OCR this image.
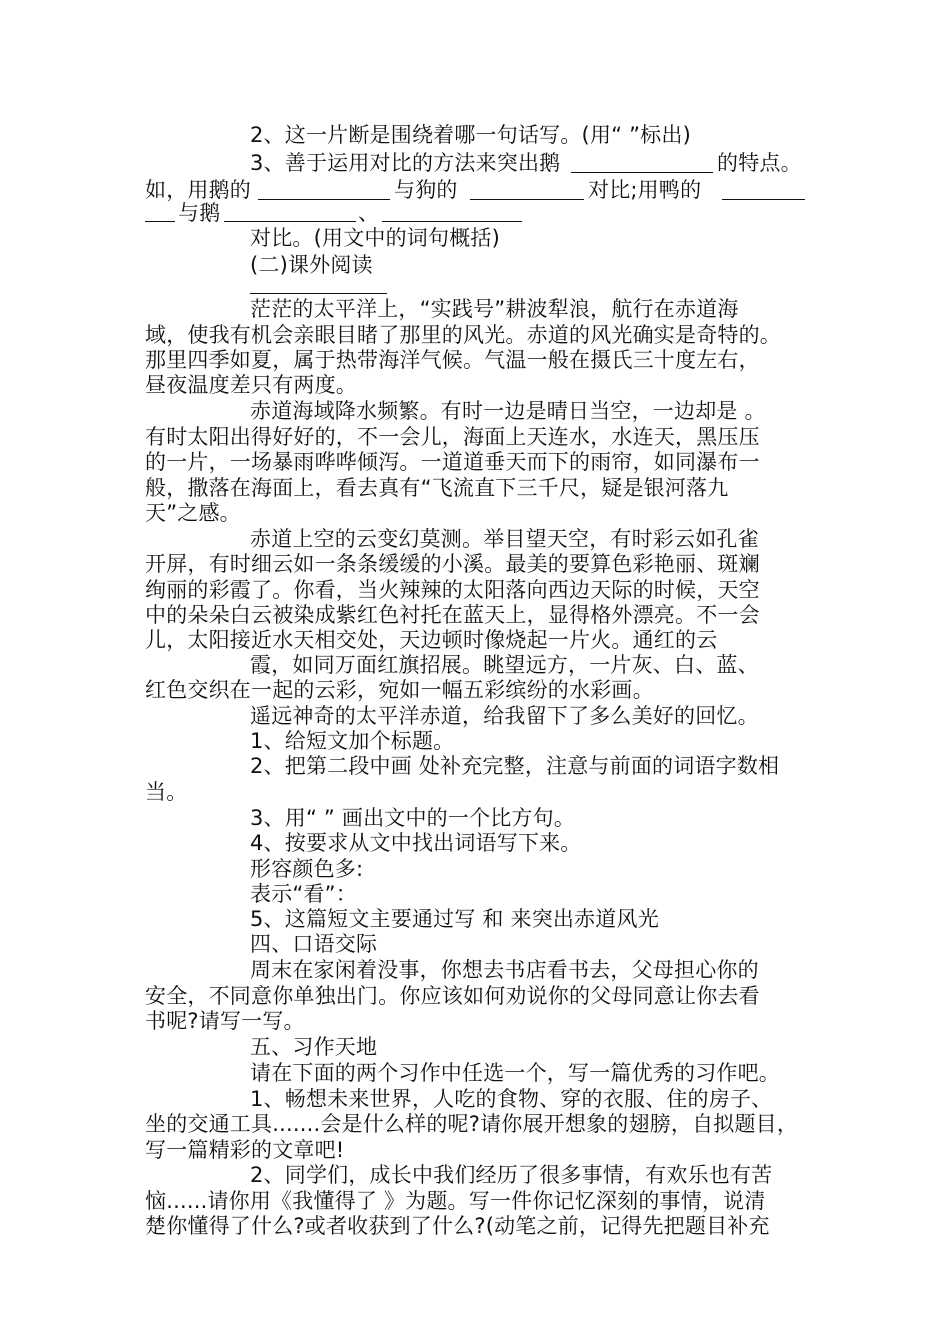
2、这一片断是围绕着哪一句话写。(用“ ”标出)
3、善于运用对比的方法来突出鹅	的特点。
如，用鹅的	与狗的	对比;用鸭的
与鹅	、
对比。(用文中的词句概括)
(二)课外阅读
茫茫的太平洋上，“实践号”耕波犁浪，航行在赤道海
域，使我有机会亲眼目睹了那里的风光。赤道的风光确实是奇特的。
那里四季如夏，属于热带海洋气候。气温一般在摄氏三十度左右，
昼夜温度差只有两度。
赤道海域降水频繁。有时一边是晴日当空，一边却是 。
有时太阳出得好好的，不一会儿，海面上天连水，水连天，黑压压
的一片，一场暴雨哗哗倾泻。一道道垂天而下的雨帘，如同瀑布一
般，撒落在海面上，看去真有“飞流直下三千尺，疑是银河落九
天”之感。
赤道上空的云变幻莫测。举目望天空，有时彩云如孔雀
开屏，有时细云如一条条缓缓的小溪。最美的要算色彩艳丽、斑斓
绚丽的彩霞了。你看，当火辣辣的太阳落向西边天际的时候，天空
中的朵朵白云被染成紫红色衬托在蓝天上，显得格外漂亮。不一会
儿，太阳接近水天相交处，天边顿时像烧起一片火。通红的云
霞，如同万面红旗招展。眺望远方，一片灰、白、蓝、
红色交织在一起的云彩，宛如一幅五彩缤纷的水彩画。
遥远神奇的太平洋赤道，给我留下了多么美好的回忆。
1、给短文加个标题。
2、把第二段中画 处补充完整，注意与前面的词语字数相
当。
3、用“ ” 画出文中的一个比方句。
4、按要求从文中找出词语写下来。
形容颜色多:
表示“看”：
5、这篇短文主要通过写 和 来突出赤道风光
四、口语交际
周末在家闲着没事，你想去书店看书去，父母担心你的
安全，不同意你单独出门。你应该如何劝说你的父母同意让你去看
书呢?请写一写。
五、习作天地
请在下面的两个习作中任选一个，写一篇优秀的习作吧。
1、畅想未来世界，人吃的食物、穿的衣服、住的房子、
坐的交通工具.......会是什么样的呢?请你展开想象的翅膀，自拟题目，
写一篇精彩的文章吧!
2、同学们，成长中我们经历了很多事情，有欢乐也有苦
恼......请你用《我懂得了 》为题。写一件你记忆深刻的事情，说清
楚你懂得了什么?或者收获到了什么?(动笔之前，记得先把题目补充
